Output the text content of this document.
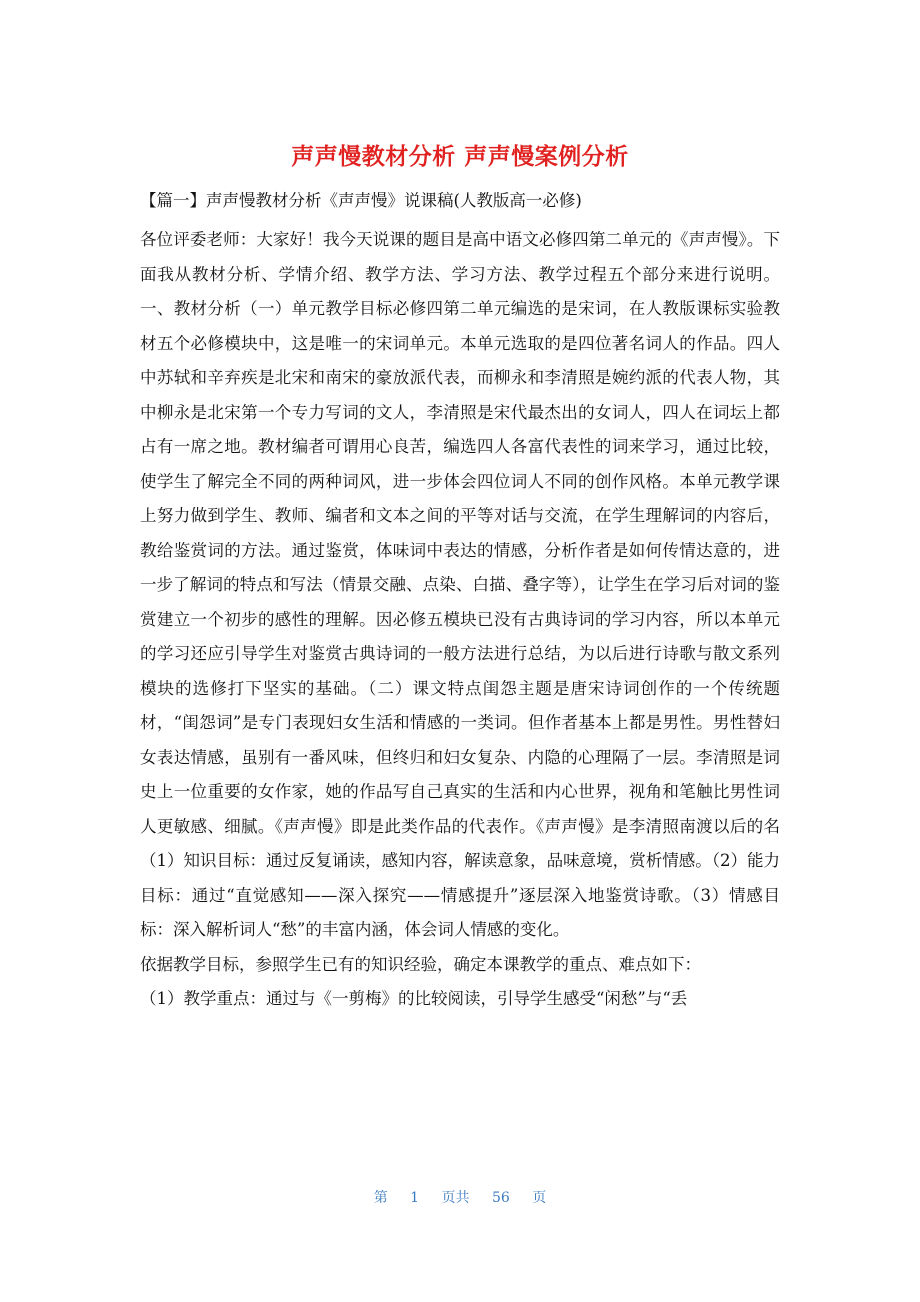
声声慢教材分析 声声慢案例分析
【篇一】声声慢教材分析《声声慢》说课稿(人教版高一必修)

各位评委老师：大家好！我今天说课的题目是高中语文必修四第二单元的《声声慢》。下面我从教材分析、学情介绍、教学方法、学习方法、教学过程五个部分来进行说明。一、教材分析（一）单元教学目标必修四第二单元编选的是宋词，在人教版课标实验教材五个必修模块中，这是唯一的宋词单元。本单元选取的是四位著名词人的作品。四人中苏轼和辛弃疾是北宋和南宋的豪放派代表，而柳永和李清照是婉约派的代表人物，其中柳永是北宋第一个专力写词的文人，李清照是宋代最杰出的女词人，四人在词坛上都占有一席之地。教材编者可谓用心良苦，编选四人各富代表性的词来学习，通过比较，使学生了解完全不同的两种词风，进一步体会四位词人不同的创作风格。本单元教学课上努力做到学生、教师、编者和文本之间的平等对话与交流，在学生理解词的内容后，教给鉴赏词的方法。通过鉴赏，体味词中表达的情感，分析作者是如何传情达意的，进一步了解词的特点和写法（情景交融、点染、白描、叠字等），让学生在学习后对词的鉴赏建立一个初步的感性的理解。因必修五模块已没有古典诗词的学习内容，所以本单元的学习还应引导学生对鉴赏古典诗词的一般方法进行总结，为以后进行诗歌与散文系列模块的选修打下坚实的基础。（二）课文特点闺怨主题是唐宋诗词创作的一个传统题材，“闺怨词”是专门表现妇女生活和情感的一类词。但作者基本上都是男性。男性替妇女表达情感，虽别有一番风味，但终归和妇女复杂、内隐的心理隔了一层。李清照是词史上一位重要的女作家，她的作品写自己真实的生活和内心世界，视角和笔触比男性词人更敏感、细腻。《声声慢》即是此类作品的代表作。《声声慢》是李清照南渡以后的名（1）知识目标：通过反复诵读，感知内容，解读意象，品味意境，赏析情感。（2）能力目标：通过“直觉感知——深入探究——情感提升”逐层深入地鉴赏诗歌。（3）情感目标：深入解析词人“愁”的丰富内涵，体会词人情感的变化。

依据教学目标，参照学生已有的知识经验，确定本课教学的重点、难点如下：

（1）教学重点：通过与《一剪梅》的比较阅读，引导学生感受“闲愁”与“丢

第 1 页共 56 页
